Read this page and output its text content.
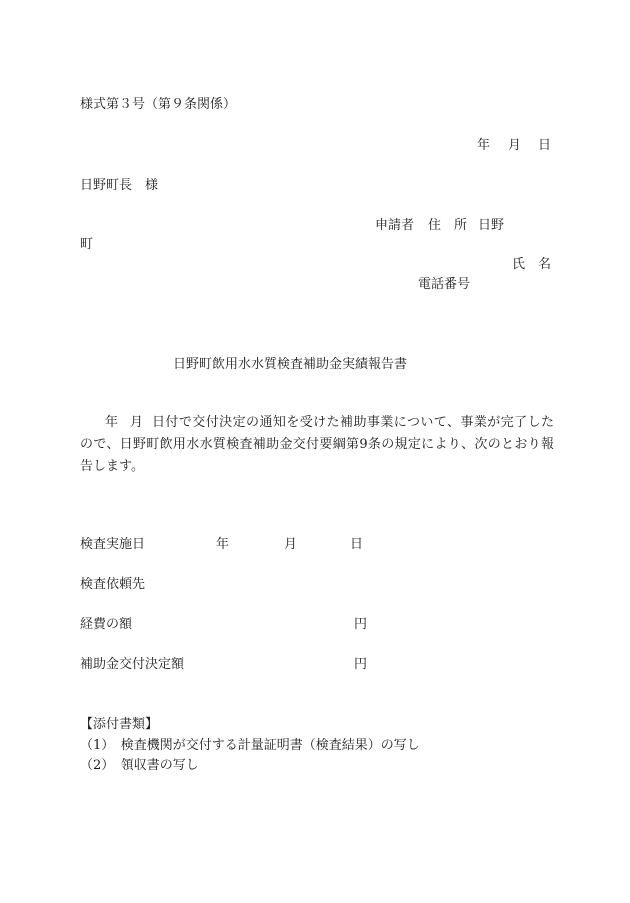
様式第３号（第９条関係）
年 月 日
日野町長　様
申請者 住　所 日野
町
氏　名
電話番号
日野町飲用水水質検査補助金実績報告書
年 月 日付で交付決定の通知を受けた補助事業について、事業が完了したので、日野町飲用水水質検査補助金交付要綱第9条の規定により、次のとおり報告します。
検査実施日	年	月	日
検査依頼先
経費の額	円
補助金交付決定額	円
【添付書類】
（1）　検査機関が交付する計量証明書（検査結果）の写し
（2）　領収書の写し
